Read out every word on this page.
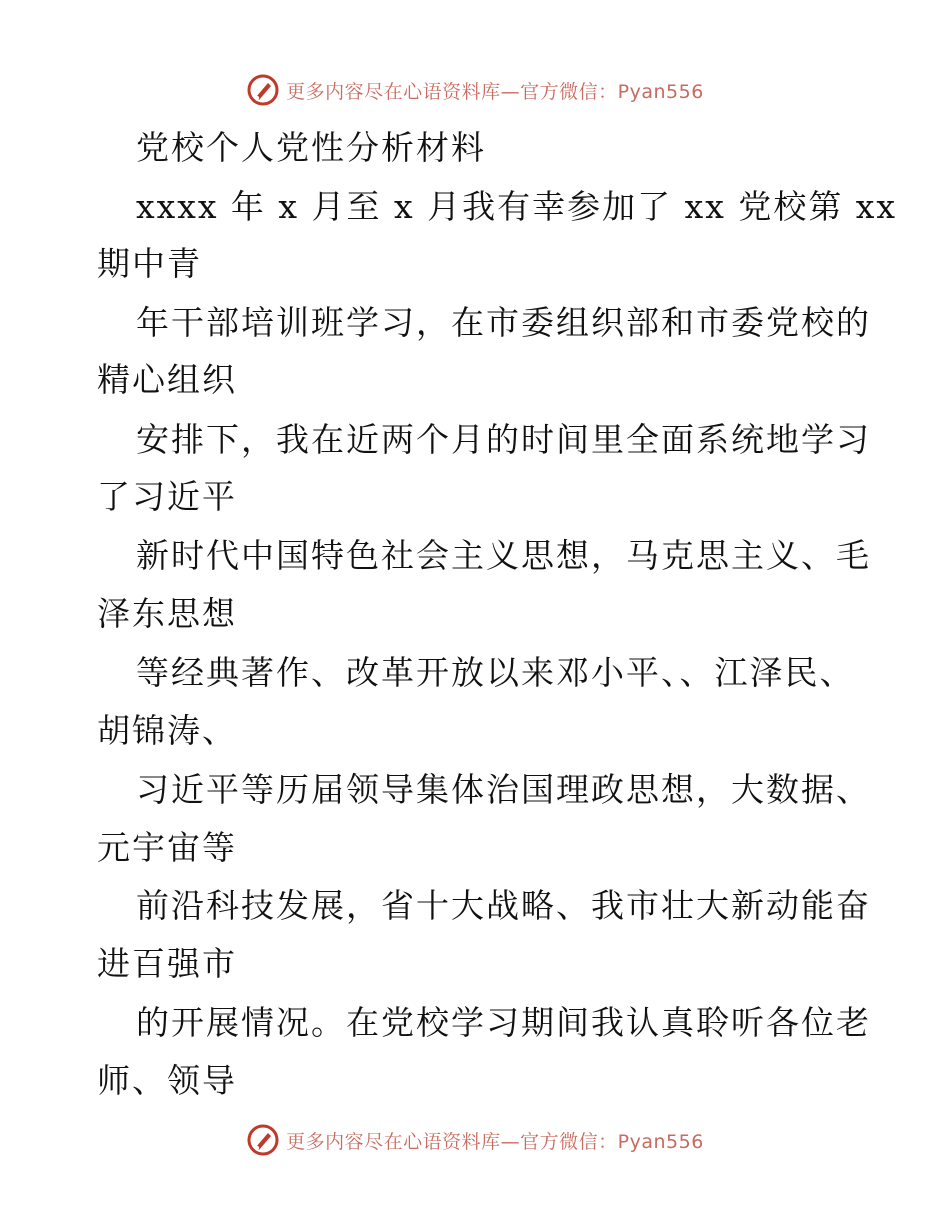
更多内容尽在心语资料库—官方微信：Pyan556
党校个人党性分析材料
xxxx 年 x 月至 x 月我有幸参加了 xx 党校第 xx
期中青
年干部培训班学习，在市委组织部和市委党校的
精心组织
安排下，我在近两个月的时间里全面系统地学习
了习近平
新时代中国特色社会主义思想，马克思主义、毛
泽东思想
等经典著作、改革开放以来邓小平、、江泽民、
胡锦涛、
习近平等历届领导集体治国理政思想，大数据、
元宇宙等
前沿科技发展，省十大战略、我市壮大新动能奋
进百强市
的开展情况。在党校学习期间我认真聆听各位老
师、领导
更多内容尽在心语资料库—官方微信：Pyan556
